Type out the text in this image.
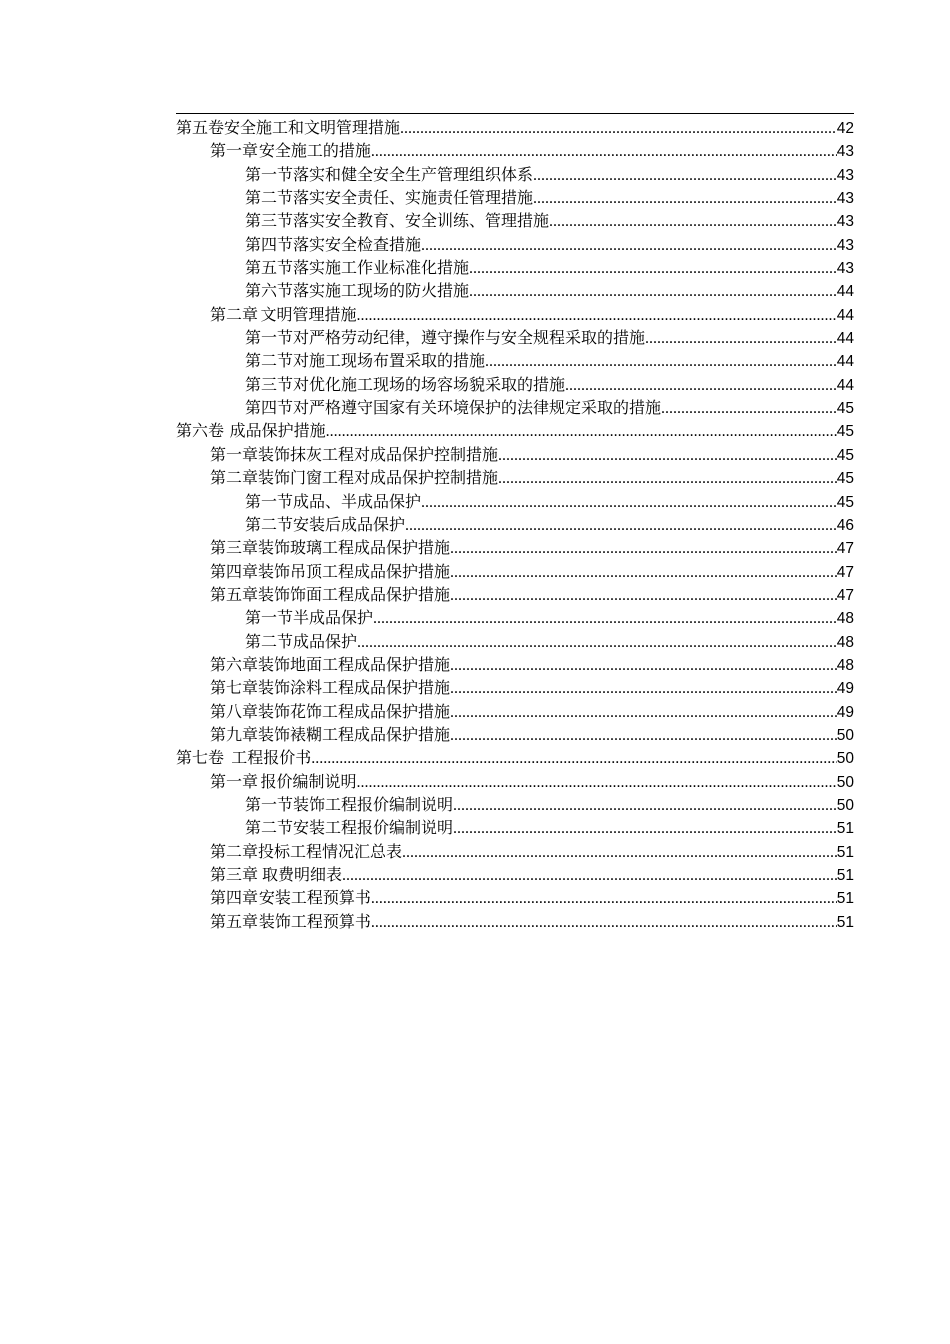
第五卷 安全施工和文明管理措施 .....	42
第一章 安全施工的措施 .....	43
第一节 落实和健全安全生产管理组织体系 .....	43
第二节 落实安全责任、实施责任管理措施 .....	43
第三节 落实安全教育、安全训练、管理措施 .....	43
第四节 落实安全检查措施 .....	43
第五节 落实施工作业标准化措施 .....	43
第六节 落实施工现场的防火措施 .....	44
第二章 文明管理措施 .....	44
第一节 对严格劳动纪律，遵守操作与安全规程采取的措施 .....	44
第二节 对施工现场布置采取的措施 .....	44
第三节 对优化施工现场的场容场貌采取的措施 .....	44
第四节 对严格遵守国家有关环境保护的法律规定采取的措施 .....	45
第六卷 成品保护措施 .....	45
第一章 装饰抹灰工程对成品保护控制措施 .....	45
第二章 装饰门窗工程对成品保护控制措施 .....	45
第一节 成品、半成品保护 .....	45
第二节 安装后成品保护 .....	46
第三章 装饰玻璃工程成品保护措施 .....	47
第四章 装饰吊顶工程成品保护措施 .....	47
第五章 装饰饰面工程成品保护措施 .....	47
第一节 半成品保护 .....	48
第二节 成品保护 .....	48
第六章 装饰地面工程成品保护措施 .....	48
第七章 装饰涂料工程成品保护措施 .....	49
第八章 装饰花饰工程成品保护措施 .....	49
第九章 装饰裱糊工程成品保护措施 .....	50
第七卷 工程报价书 .....	50
第一章 报价编制说明 .....	50
第一节 装饰工程报价编制说明 .....	50
第二节 安装工程报价编制说明 .....	51
第二章 投标工程情况汇总表 .....	51
第三章 取费明细表 .....	51
第四章 安装工程预算书 .....	51
第五章 装饰工程预算书 .....	51
